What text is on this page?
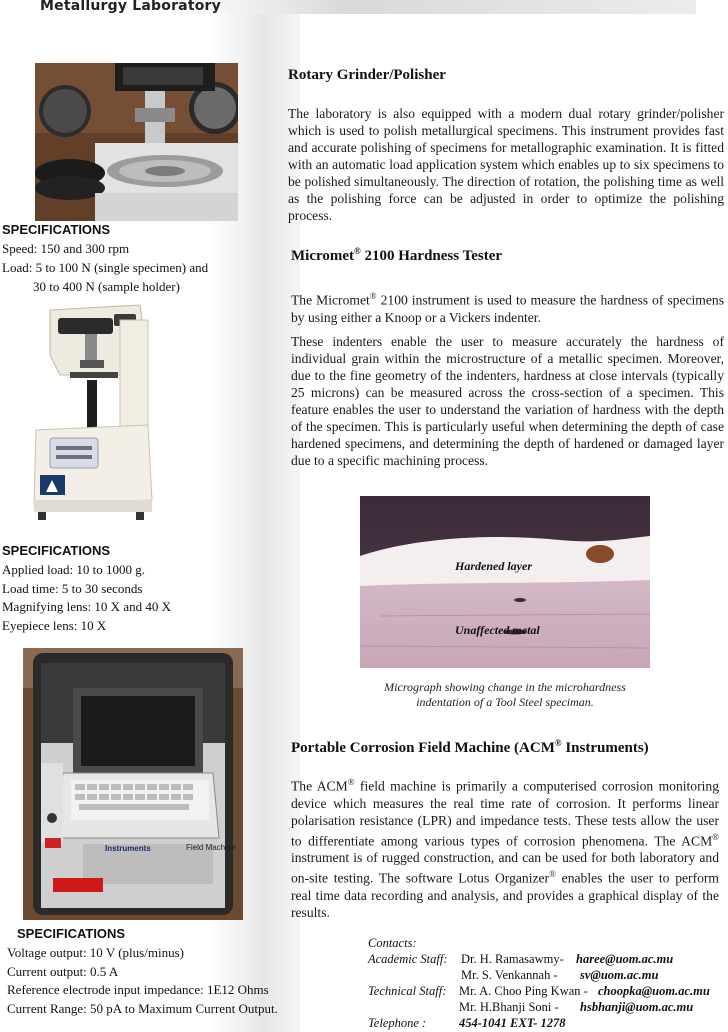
Metallurgy Laboratory
SPECIFICATIONS
Speed: 150 and 300 rpm
Load: 5 to 100 N (single specimen) and
30 to 400 N (sample holder)
Rotary Grinder/Polisher
The laboratory is also equipped with a modern dual rotary grinder/polisher which is used to polish metallurgical specimens. This instrument provides fast and accurate polishing of specimens for metallographic examination. It is fitted with an automatic load application system which enables up to six specimens to be polished simultaneously. The direction of rotation, the polishing time as well as the polishing force can be adjusted in order to optimize the polishing process.
Micromet® 2100 Hardness Tester
The Micromet® 2100 instrument is used to measure the hardness of specimens by using either a Knoop or a Vickers indenter.
These indenters enable the user to measure accurately the hardness of individual grain within the microstructure of a metallic specimen. Moreover, due to the fine geometry of the indenters, hardness at close intervals (typically 25 microns) can be measured across the cross-section of a specimen. This feature enables the user to understand the variation of hardness with the depth of the specimen. This is particularly useful when determining the depth of case hardened specimens, and determining the depth of hardened or damaged layer due to a specific machining process.
SPECIFICATIONS
Applied load: 10 to 1000 g.
Load time: 5 to 30 seconds
Magnifying lens: 10 X and 40 X
Eyepiece lens: 10 X
Hardened layer
Unaffected metal
Micrograph showing change in the microhardness
indentation of a Tool Steel speciman.
Instruments	Field Machine
Portable Corrosion Field Machine (ACM® Instruments)
The ACM® field machine is primarily a computerised corrosion monitoring device which measures the real time rate of corrosion. It performs linear polarisation resistance (LPR) and impedance tests. These tests allow the user to differentiate among various types of corrosion phenomena. The ACM® instrument is of rugged construction, and can be used for both laboratory and on-site testing. The software Lotus Organizer® enables the user to perform real time data recording and analysis, and provides a graphical display of the results.
SPECIFICATIONS
Voltage output: 10 V (plus/minus)
Current output: 0.5 A
Reference electrode input impedance: 1E12 Ohms
Current Range: 50 pA to Maximum Current Output.
Contacts:
Academic Staff: Dr. H. Ramasawmy- haree@uom.ac.mu
Mr. S. Venkannah - sv@uom.ac.mu
Technical Staff: Mr. A. Choo Ping Kwan - choopka@uom.ac.mu
Mr. H.Bhanji Soni - hsbhanji@uom.ac.mu
Telephone :	454-1041 EXT- 1278
